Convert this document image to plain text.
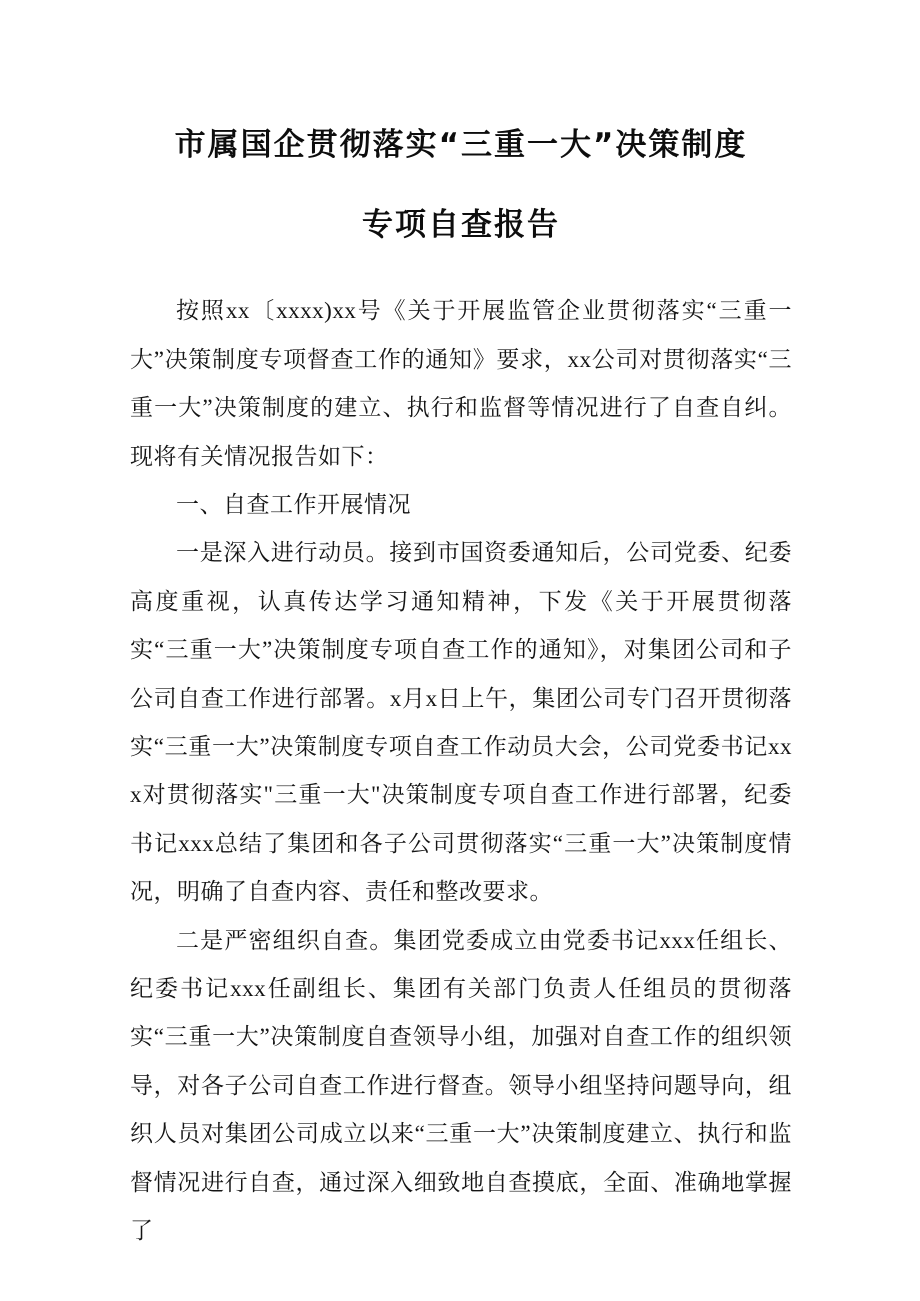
市属国企贯彻落实“三重一大”决策制度
专项自查报告

按照xx〔xxxx)xx号《关于开展监管企业贯彻落实“三重一大”决策制度专项督查工作的通知》要求，xx公司对贯彻落实“三重一大”决策制度的建立、执行和监督等情况进行了自查自纠。现将有关情况报告如下：

一、自查工作开展情况

一是深入进行动员。接到市国资委通知后，公司党委、纪委高度重视，认真传达学习通知精神，下发《关于开展贯彻落实“三重一大”决策制度专项自查工作的通知》，对集团公司和子公司自查工作进行部署。x月x日上午，集团公司专门召开贯彻落实“三重一大”决策制度专项自查工作动员大会，公司党委书记xxx对贯彻落实"三重一大"决策制度专项自查工作进行部署，纪委书记xxx总结了集团和各子公司贯彻落实“三重一大”决策制度情况，明确了自查内容、责任和整改要求。

二是严密组织自查。集团党委成立由党委书记xxx任组长、纪委书记xxx任副组长、集团有关部门负责人任组员的贯彻落实“三重一大”决策制度自查领导小组，加强对自查工作的组织领导，对各子公司自查工作进行督查。领导小组坚持问题导向，组织人员对集团公司成立以来“三重一大”决策制度建立、执行和监督情况进行自查，通过深入细致地自查摸底，全面、准确地掌握了
